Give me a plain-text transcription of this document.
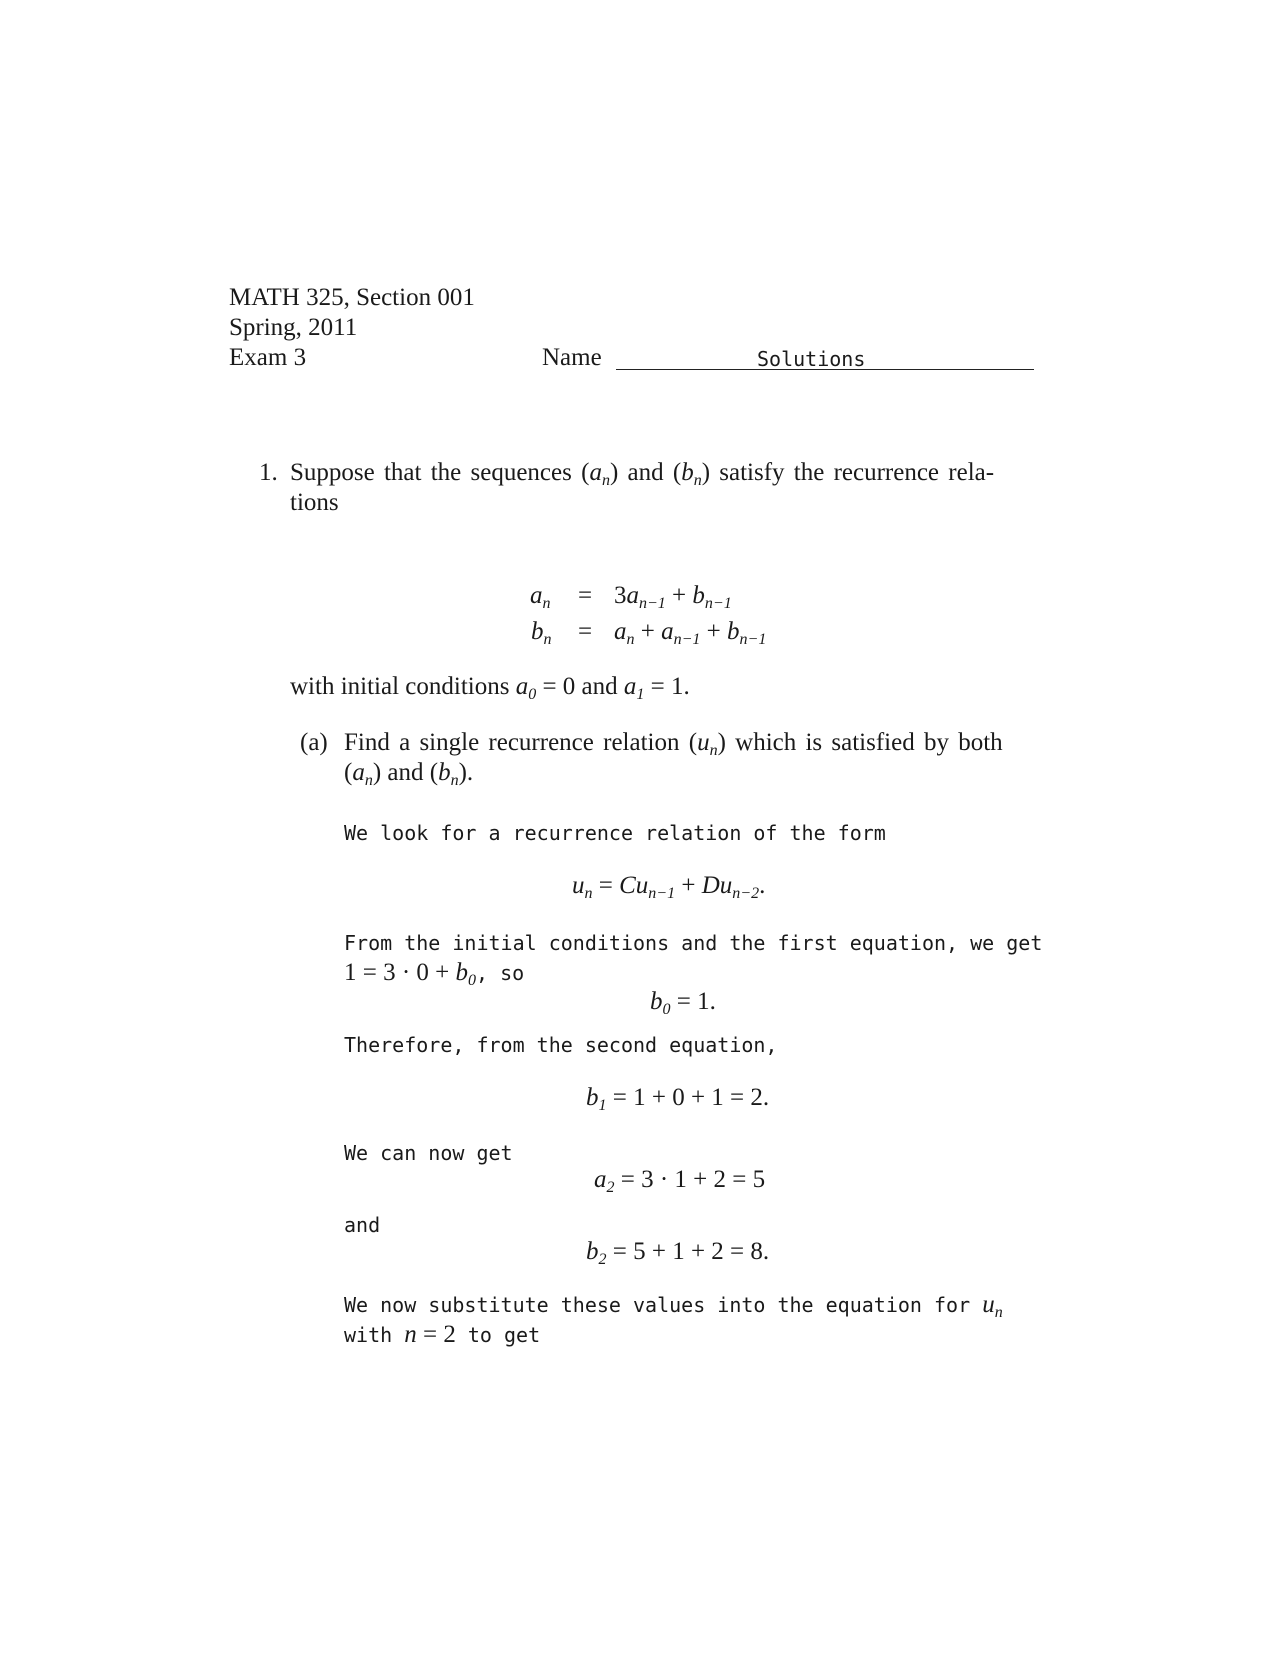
MATH 325, Section 001
Spring, 2011
Exam 3	Name	Solutions
1. Suppose that the sequences $(a_n)$ and $(b_n)$ satisfy the recurrence rela-
tions
$a_n = 3a_{n-1} + b_{n-1}$
$b_n = a_n + a_{n-1} + b_{n-1}$
with initial conditions $a_0 = 0$ and $a_1 = 1$.
(a) Find a single recurrence relation $(u_n)$ which is satisfied by both
$(a_n)$ and $(b_n)$.
We look for a recurrence relation of the form
$u_n = Cu_{n-1} + Du_{n-2}$.
From the initial conditions and the first equation, we get
$1 = 3 \cdot 0 + b_0$, so
$b_0 = 1$.
Therefore, from the second equation,
$b_1 = 1 + 0 + 1 = 2$.
We can now get
$a_2 = 3 \cdot 1 + 2 = 5$
and
$b_2 = 5 + 1 + 2 = 8$.
We now substitute these values into the equation for $u_n$
with n = 2 to get
